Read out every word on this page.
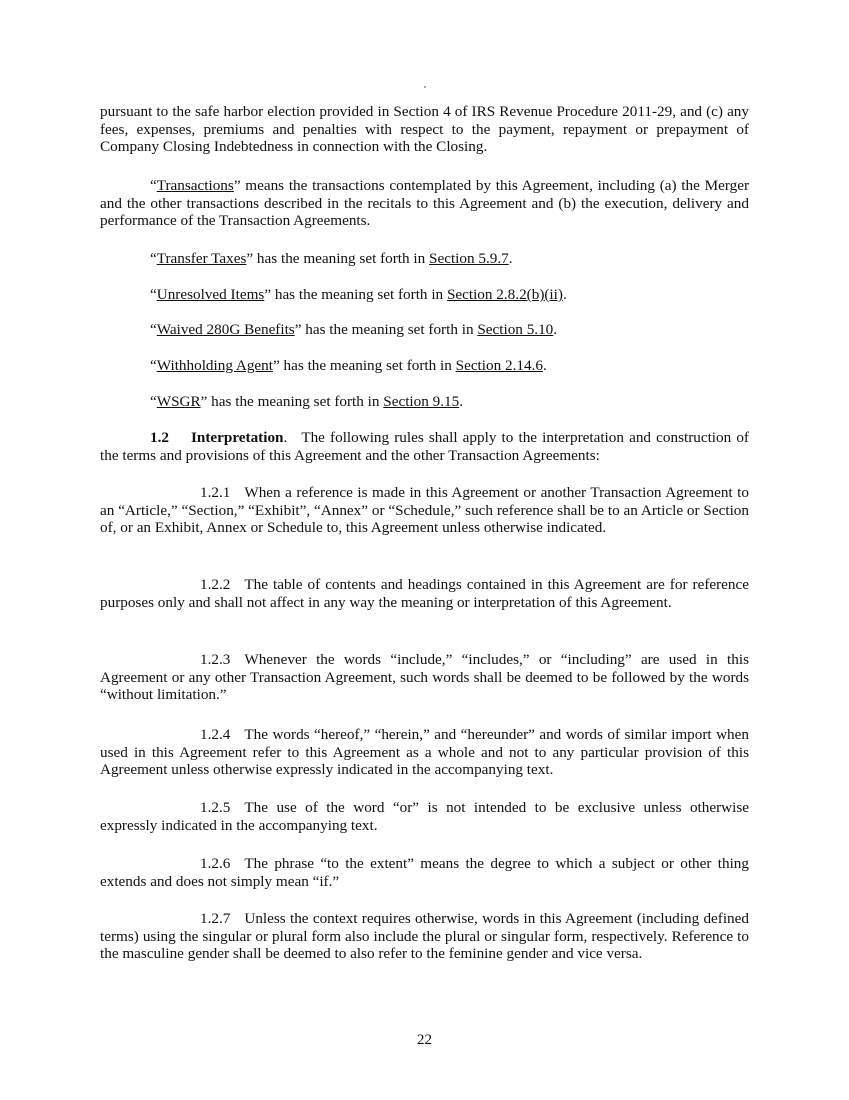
pursuant to the safe harbor election provided in Section 4 of IRS Revenue Procedure 2011-29, and (c) any fees, expenses, premiums and penalties with respect to the payment, repayment or prepayment of Company Closing Indebtedness in connection with the Closing.

“Transactions” means the transactions contemplated by this Agreement, including (a) the Merger and the other transactions described in the recitals to this Agreement and (b) the execution, delivery and performance of the Transaction Agreements.

“Transfer Taxes” has the meaning set forth in Section 5.9.7.

“Unresolved Items” has the meaning set forth in Section 2.8.2(b)(ii).

“Waived 280G Benefits” has the meaning set forth in Section 5.10.

“Withholding Agent” has the meaning set forth in Section 2.14.6.

“WSGR” has the meaning set forth in Section 9.15.

1.2 Interpretation. The following rules shall apply to the interpretation and construction of the terms and provisions of this Agreement and the other Transaction Agreements:

1.2.1 When a reference is made in this Agreement or another Transaction Agreement to an “Article,” “Section,” “Exhibit”, “Annex” or “Schedule,” such reference shall be to an Article or Section of, or an Exhibit, Annex or Schedule to, this Agreement unless otherwise indicated.

1.2.2 The table of contents and headings contained in this Agreement are for reference purposes only and shall not affect in any way the meaning or interpretation of this Agreement.

1.2.3 Whenever the words “include,” “includes,” or “including” are used in this Agreement or any other Transaction Agreement, such words shall be deemed to be followed by the words “without limitation.”

1.2.4 The words “hereof,” “herein,” and “hereunder” and words of similar import when used in this Agreement refer to this Agreement as a whole and not to any particular provision of this Agreement unless otherwise expressly indicated in the accompanying text.

1.2.5 The use of the word “or” is not intended to be exclusive unless otherwise expressly indicated in the accompanying text.

1.2.6 The phrase “to the extent” means the degree to which a subject or other thing extends and does not simply mean “if.”

1.2.7 Unless the context requires otherwise, words in this Agreement (including defined terms) using the singular or plural form also include the plural or singular form, respectively. Reference to the masculine gender shall be deemed to also refer to the feminine gender and vice versa.

22
